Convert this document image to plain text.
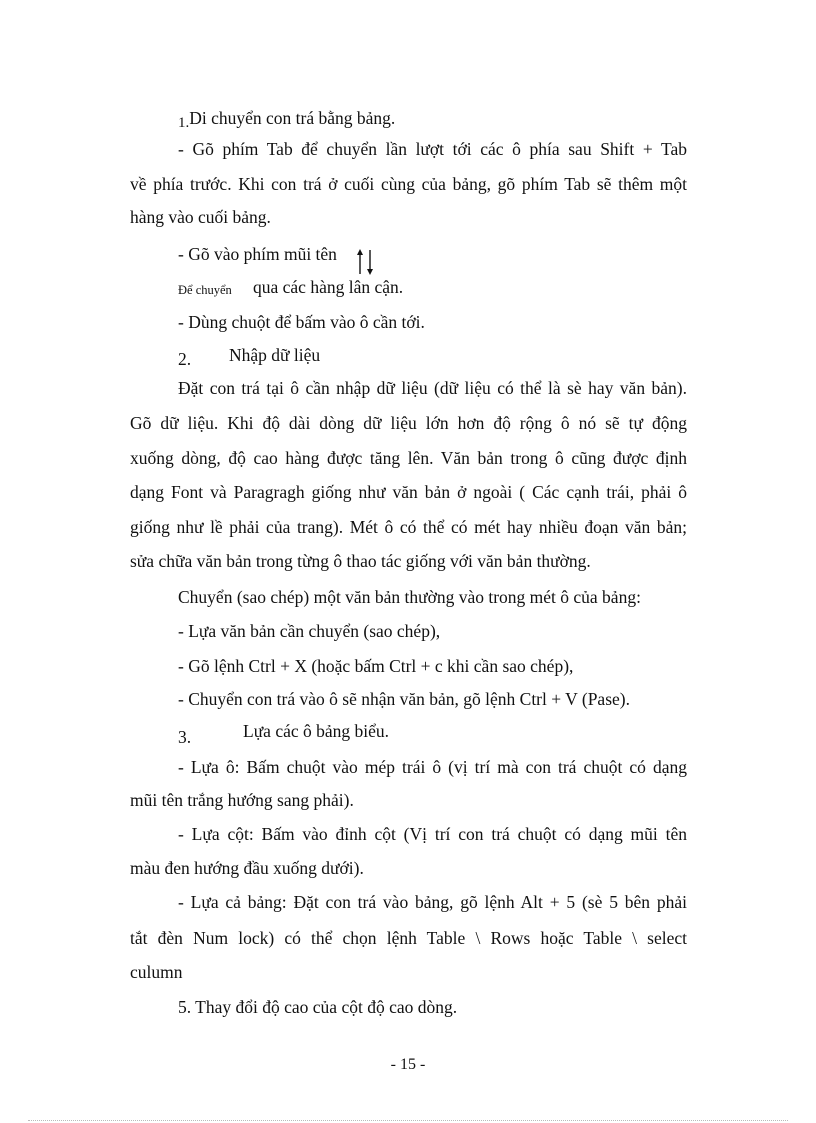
1.Di chuyển con trá bằng bảng.
- Gõ phím Tab để chuyển lần lượt tới các ô phía sau Shift + Tab
về phía trước. Khi con trá ở cuối cùng của bảng, gõ phím Tab sẽ thêm một
hàng vào cuối bảng.
- Gõ vào phím mũi tên
Để chuyển qua các hàng lân cận.
- Dùng chuột để bấm vào ô cần tới.
2. Nhập dữ liệu
Đặt con trá tại ô cần nhập dữ liệu (dữ liệu có thể là sè hay văn bản).
Gõ dữ liệu. Khi độ dài dòng dữ liệu lớn hơn độ rộng ô nó sẽ tự động
xuống dòng, độ cao hàng được tăng lên. Văn bản trong ô cũng được định
dạng Font và Paragragh giống như văn bản ở ngoài ( Các cạnh trái, phải ô
giống như lề phải của trang). Mét ô có thể có mét hay nhiều đoạn văn bản;
sửa chữa văn bản trong từng ô thao tác giống với văn bản thường.
Chuyển (sao chép) một văn bản thường vào trong mét ô của bảng:
- Lựa văn bản cần chuyển (sao chép),
- Gõ lệnh Ctrl + X (hoặc bấm Ctrl + c khi cần sao chép),
- Chuyển con trá vào ô sẽ nhận văn bản, gõ lệnh Ctrl + V (Pase).
3.	Lựa các ô bảng biểu.
- Lựa ô: Bấm chuột vào mép trái ô (vị trí mà con trá chuột có dạng
mũi tên trắng hướng sang phải).
- Lựa cột: Bấm vào đỉnh cột (Vị trí con trá chuột có dạng mũi tên
màu đen hướng đầu xuống dưới).
- Lựa cả bảng: Đặt con trá vào bảng, gõ lệnh Alt + 5 (sè 5 bên phải
tắt đèn Num lock) có thể chọn lệnh Table \ Rows hoặc Table \ select
culumn
5. Thay đổi độ cao của cột độ cao dòng.
- 15 -
